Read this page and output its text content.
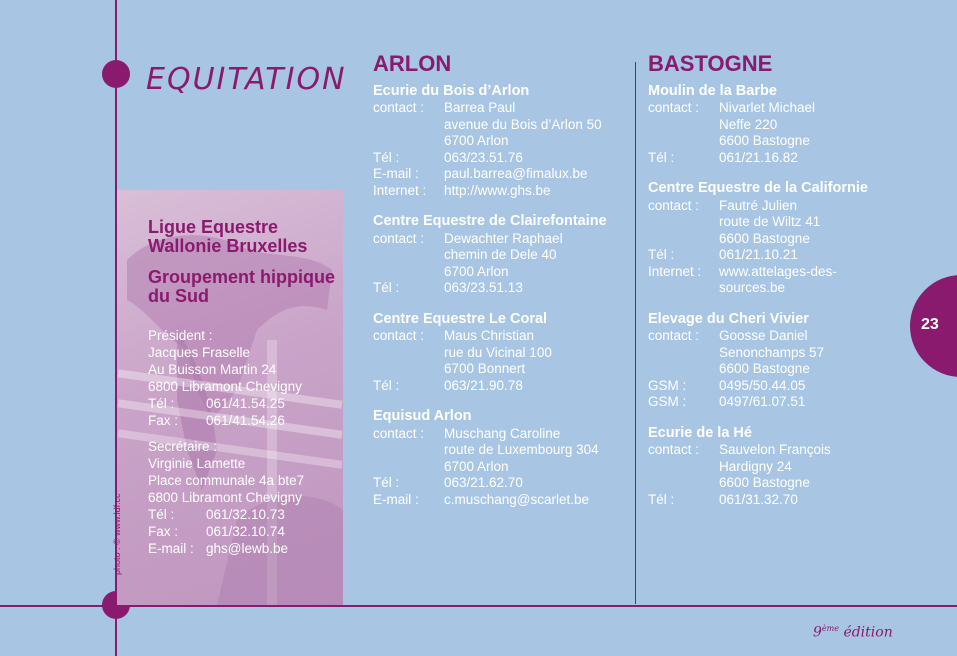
EQUITATION

Ligue Equestre Wallonie Bruxelles

Groupement hippique du Sud

Président :
Jacques Fraselle
Au Buisson Martin 24
6800 Libramont Chevigny
Tél :	061/41.54.25
Fax :	061/41.54.26
Secrétaire :
Virginie Lamette
Place communale 4a bte7
6800 Libramont Chevigny
Tél :	061/32.10.73
Fax :	061/32.10.74
E-mail : ghs@lewb.be
photo : © www.ldf.cc
ARLON
Ecurie du Bois d’Arlon
contact :	Barrea Paul
avenue du Bois d’Arlon 50
6700 Arlon
Tél :	063/23.51.76
E-mail :	paul.barrea@fimalux.be
Internet :	http://www.ghs.be
Centre Equestre de Clairefontaine
contact :	Dewachter Raphael
chemin de Dele 40
6700 Arlon
Tél :	063/23.51.13
Centre Equestre Le Coral
contact :	Maus Christian
rue du Vicinal 100
6700 Bonnert
Tél :	063/21.90.78
Equisud Arlon
contact :	Muschang Caroline
route de Luxembourg 304
6700 Arlon
Tél :	063/21.62.70
E-mail :	c.muschang@scarlet.be
BASTOGNE
Moulin de la Barbe
contact :	Nivarlet Michael
Neffe 220
6600 Bastogne
Tél :	061/21.16.82
Centre Equestre de la Californie
contact :	Fautré Julien
route de Wiltz 41
6600 Bastogne
Tél :	061/21.10.21
Internet :	www.attelages-des-
sources.be
Elevage du Cheri Vivier
contact :	Goosse Daniel
Senonchamps 57
6600 Bastogne
GSM :	0495/50.44.05
GSM :	0497/61.07.51
Ecurie de la Hé
contact :	Sauvelon François
Hardigny 24
6600 Bastogne
Tél :	061/31.32.70
23
9ème édition
